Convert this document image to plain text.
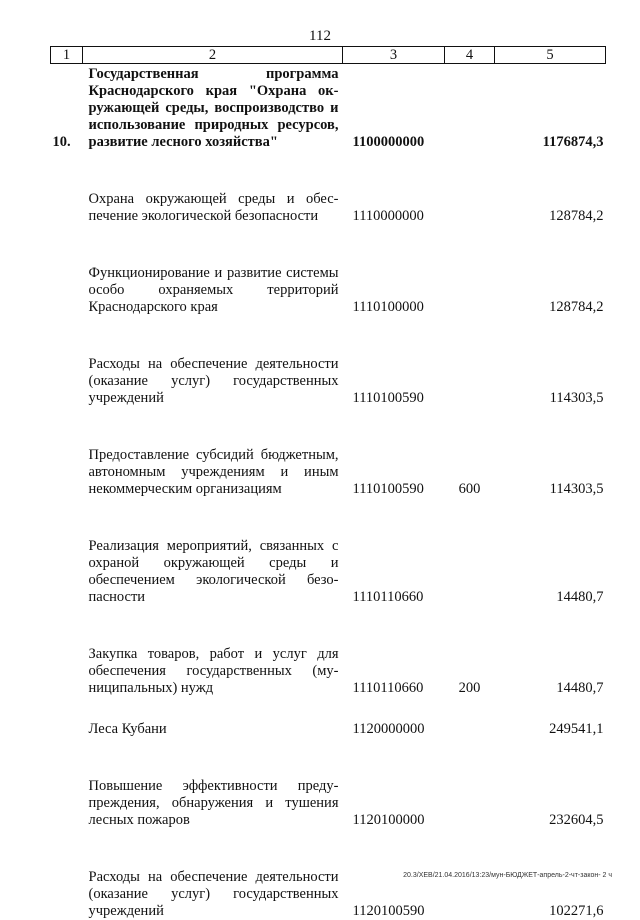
112
1	2	3	4	5

10.	Государственная программа Краснодарского края "Охрана окружающей среды, воспроизводство и использование природных ресурсов, развитие лесного хозяйства"	1100000000		1176874,3

	Охрана окружающей среды и обеспечение экологической безопасности	1110000000		128784,2

	Функционирование и развитие системы особо охраняемых территорий Краснодарского края	1110100000		128784,2

	Расходы на обеспечение деятельности (оказание услуг) государственных учреждений	1110100590		114303,5

	Предоставление субсидий бюджетным, автономным учреждениям и иным некоммерческим организациям	1110100590	600	114303,5

	Реализация мероприятий, связанных с охраной окружающей среды и обеспечением экологической безопасности	1110110660		14480,7

	Закупка товаров, работ и услуг для обеспечения государственных (муниципальных) нужд	1110110660	200	14480,7

	Леса Кубани	1120000000		249541,1

	Повышение эффективности предупреждения, обнаружения и тушения лесных пожаров	1120100000		232604,5

	Расходы на обеспечение деятельности (оказание услуг) государственных учреждений	1120100590		102271,6
20.3/ХЕВ/21.04.2016/13:23/мун-БЮДЖЕТ-апрель-2-чт-закон- 2 ч
